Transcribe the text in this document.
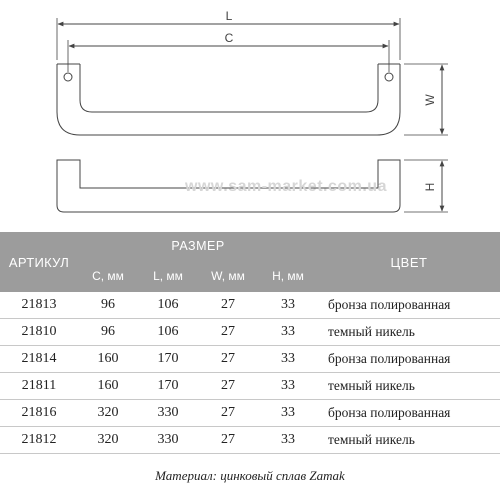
L
C
W
H
www.sam-market.com.ua
АРТИКУЛ	РАЗМЕР				ЦВЕТ
	C, мм	L, мм	W, мм	H, мм	
21813	96	106	27	33	бронза полированная
21810	96	106	27	33	темный никель
21814	160	170	27	33	бронза полированная
21811	160	170	27	33	темный никель
21816	320	330	27	33	бронза полированная
21812	320	330	27	33	темный никель
Материал: цинковый сплав Zamak
